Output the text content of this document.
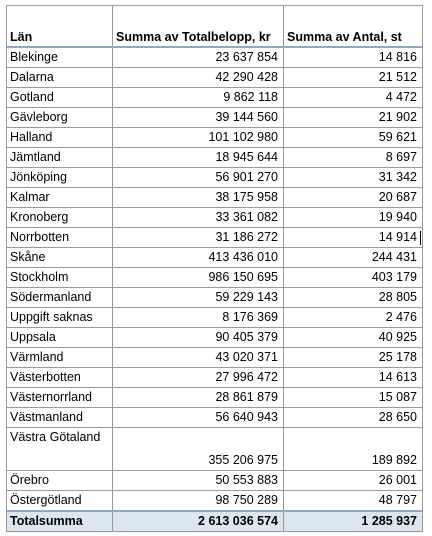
Län	Summa av Totalbelopp, kr	Summa av Antal, st
Blekinge	23 637 854	14 816
Dalarna	42 290 428	21 512
Gotland	9 862 118	4 472
Gävleborg	39 144 560	21 902
Halland	101 102 980	59 621
Jämtland	18 945 644	8 697
Jönköping	56 901 270	31 342
Kalmar	38 175 958	20 687
Kronoberg	33 361 082	19 940
Norrbotten	31 186 272	14 914
Skåne	413 436 010	244 431
Stockholm	986 150 695	403 179
Södermanland	59 229 143	28 805
Uppgift saknas	8 176 369	2 476
Uppsala	90 405 379	40 925
Värmland	43 020 371	25 178
Västerbotten	27 996 472	14 613
Västernorrland	28 861 879	15 087
Västmanland	56 640 943	28 650
Västra Götaland	355 206 975	189 892
Örebro	50 553 883	26 001
Östergötland	98 750 289	48 797
Totalsumma	2 613 036 574	1 285 937
